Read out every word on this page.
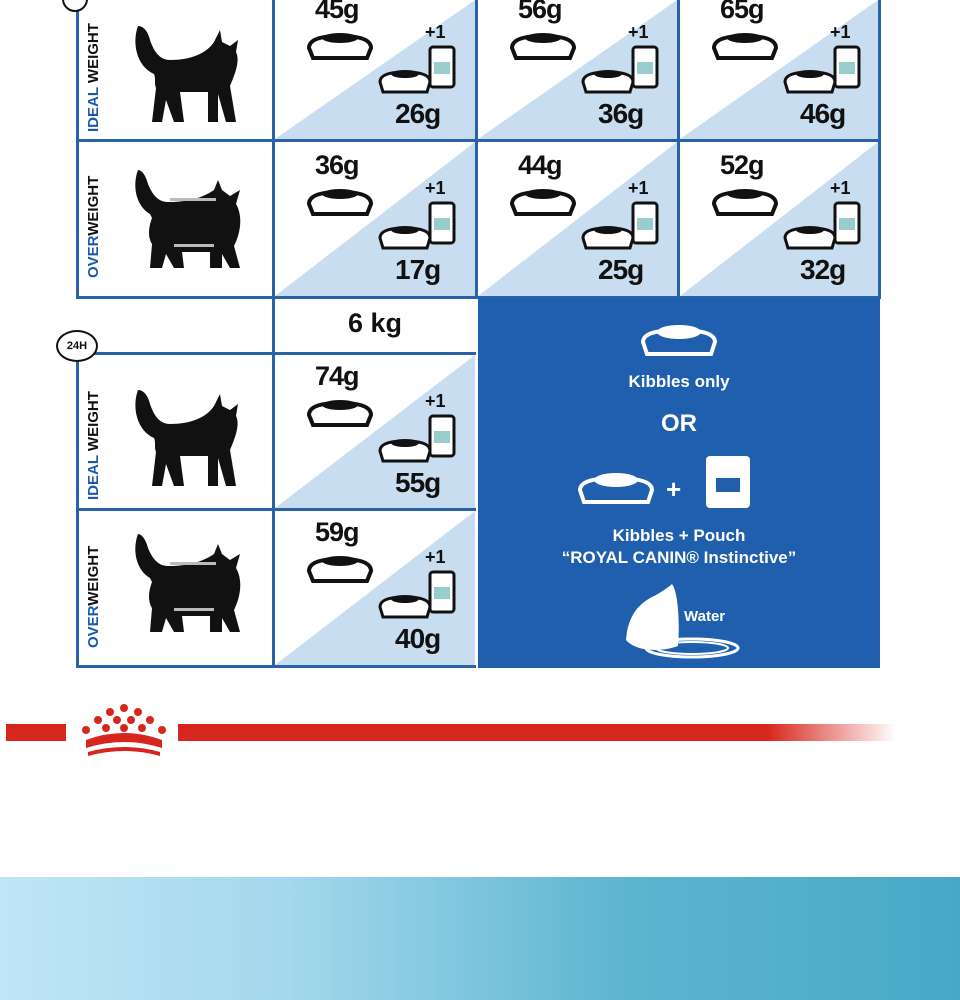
IDEAL WEIGHT
OVERWEIGHT
IDEAL WEIGHT
OVERWEIGHT
24H
45g
+1
26g
56g
+1
36g
65g
+1
46g
36g
+1
17g
44g
+1
25g
52g
+1
32g
6 kg
74g
+1
55g
59g
+1
40g
Kibbles only
OR
+
Kibbles + Pouch
“ROYAL CANIN® Instinctive”
Water
